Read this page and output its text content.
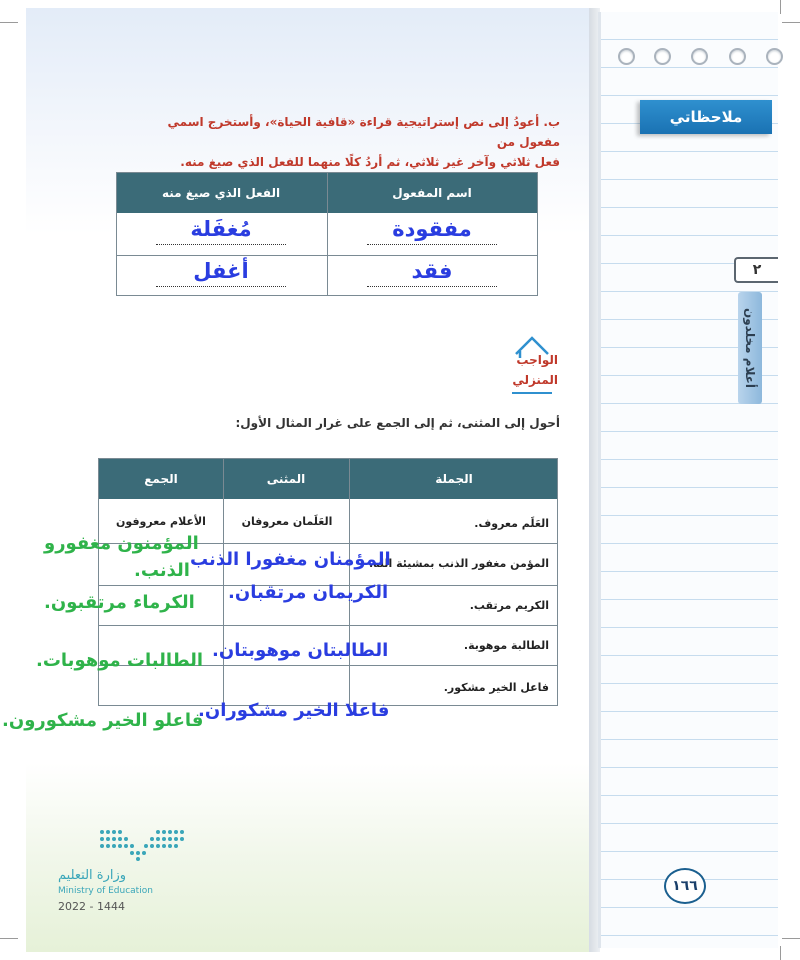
ملاحظاتي
٢
أعلام مخلدون
ب. أعودُ إلى نص إستراتيجية قراءة «قافية الحياة»، وأستخرج اسمي مفعول من
فعل ثلاثي وآخر غير ثلاثي، ثم أردُ كلًا منهما للفعل الذي صيغ منه.
اسم المفعول
الفعل الذي صيغ منه
مفقودة
مُغفَلة
فقد
أغفل
الواجب
المنزلي
أحول إلى المثنى، ثم إلى الجمع على غرار المثال الأول:
الجملة
المثنى
الجمع
العَلَم معروف.
العَلَمان معروفان
الأعلام معروفون
المؤمن مغفور الذنب بمشيئة الله.
الكريم مرتقب.
الطالبة موهوبة.
فاعل الخير مشكور.
المؤمنان مغفورا الذنب
الكريمان مرتقبان.
الطالبتان موهوبتان.
فاعلا الخير مشكوران.
المؤمنون مغفورو
الذنب.
الكرماء مرتقبون.
الطالبات موهوبات.
فاعلو الخير مشكورون.
وزارة التعليم
Ministry of Education
2022 - 1444
١٦٦
